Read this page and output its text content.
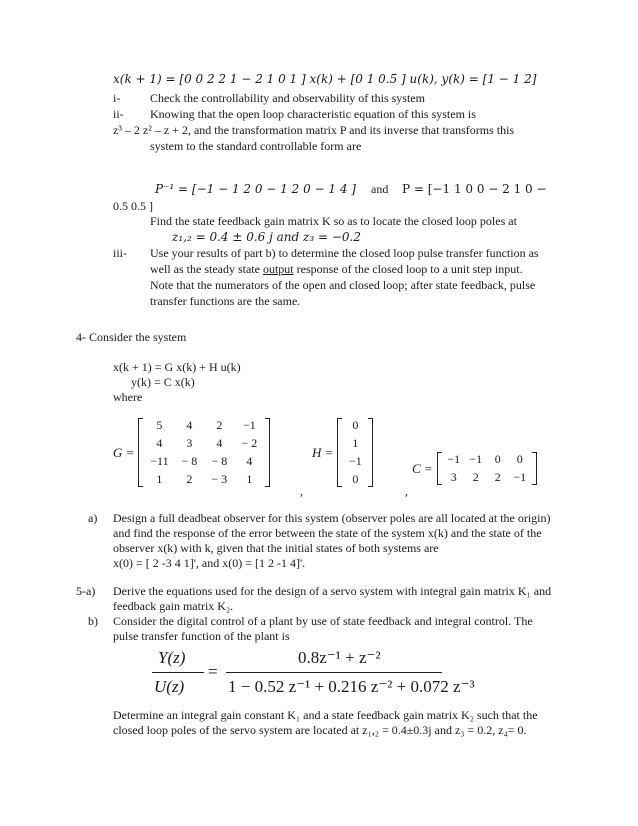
x(k + 1) = [0 0 2 2 1 − 2 1 0 1 ] x(k) + [0 1 0.5 ] u(k), y(k) = [1 − 1 2]
i- Check the controllability and observability of this system
ii- Knowing that the open loop characteristic equation of this system is
z³ – 2 z² – z + 2, and the transformation matrix P and its inverse that transforms this
system to the standard controllable form are
P⁻¹ = [−1 − 1 2 0 − 1 2 0 − 1 4 ] and P = [−1 1 0 0 − 2 1 0 −
0.5 0.5 ]
Find the state feedback gain matrix K so as to locate the closed loop poles at
z₁,₂ = 0.4 ± 0.6 j and z₃ = −0.2
iii- Use your results of part b) to determine the closed loop pulse transfer function as
well as the steady state output response of the closed loop to a unit step input.
Note that the numerators of the open and closed loop; after state feedback, pulse
transfer functions are the same.
4- Consider the system
x(k + 1) = G x(k) + H u(k)
y(k) = C x(k)
where
G =
5	4	2	−1
4	3	4	− 2
−11	− 8	− 8	4
1	2	− 3	1
H =
0
1
−1
0
,	,
C =
−1 −1	0	0
3	2	2	−1
a) Design a full deadbeat observer for this system (observer poles are all located at the origin)
and find the response of the error between the state of the system x(k) and the state of the
observer x(k) with k, given that the initial states of both systems are
x(0) = [ 2 -3 4 1]', and x(0) = [1 2 -1 4]'.
5-a) Derive the equations used for the design of a servo system with integral gain matrix K₁ and
feedback gain matrix K₂.
b) Consider the digital control of a plant by use of state feedback and integral control. The
pulse transfer function of the plant is
Y(z)
U(z)
=
0.8z⁻¹ + z⁻²
1 − 0.52 z⁻¹ + 0.216 z⁻² + 0.072 z⁻³
Determine an integral gain constant K₁ and a state feedback gain matrix K₂ such that the
closed loop poles of the servo system are located at z₁,₂ = 0.4±0.3j and z₃ = 0.2, z₄= 0.
